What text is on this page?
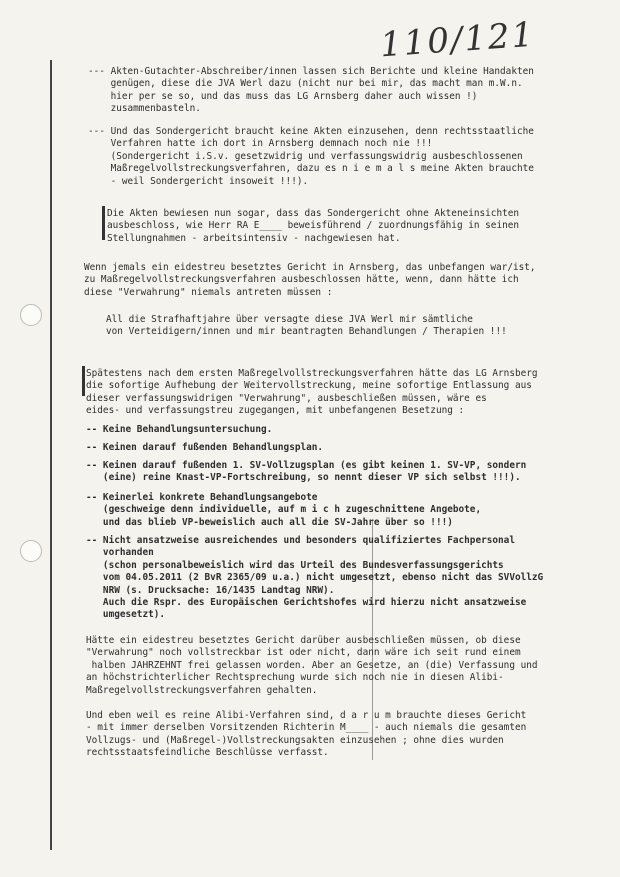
110/121
--- Akten-Gutachter-Abschreiber/innen lassen sich Berichte und kleine Handakten
genügen, diese die JVA Werl dazu (nicht nur bei mir, das macht man m.W.n.
hier per se so, und das muss das LG Arnsberg daher auch wissen !)
zusammenbasteln.
--- Und das Sondergericht braucht keine Akten einzusehen, denn rechtsstaatliche
Verfahren hatte ich dort in Arnsberg demnach noch nie !!!
(Sondergericht i.S.v. gesetzwidrig und verfassungswidrig ausbeschlossenen
Maßregelvollstreckungsverfahren, dazu es n i e m a l s meine Akten brauchte
- weil Sondergericht insoweit !!!).
Die Akten bewiesen nun sogar, dass das Sondergericht ohne Akteneinsichten
ausbeschloss, wie Herr RA E____ beweisführend / zuordnungsfähig in seinen
Stellungnahmen - arbeitsintensiv - nachgewiesen hat.
Wenn jemals ein eidestreu besetztes Gericht in Arnsberg, das unbefangen war/ist,
zu Maßregelvollstreckungsverfahren ausbeschlossen hätte, wenn, dann hätte ich
diese "Verwahrung" niemals antreten müssen :
All die Strafhaftjahre über versagte diese JVA Werl mir sämtliche
von Verteidigern/innen und mir beantragten Behandlungen / Therapien !!!
Spätestens nach dem ersten Maßregelvollstreckungsverfahren hätte das LG Arnsberg
die sofortige Aufhebung der Weitervollstreckung, meine sofortige Entlassung aus
dieser verfassungswidrigen "Verwahrung", ausbeschließen müssen, wäre es
eides- und verfassungstreu zugegangen, mit unbefangenen Besetzung :
-- Keine Behandlungsuntersuchung.
-- Keinen darauf fußenden Behandlungsplan.
-- Keinen darauf fußenden 1. SV-Vollzugsplan (es gibt keinen 1. SV-VP, sondern
(eine) reine Knast-VP-Fortschreibung, so nennt dieser VP sich selbst !!!).
-- Keinerlei konkrete Behandlungsangebote
(geschweige denn individuelle, auf m i c h zugeschnittene Angebote,
und das blieb VP-beweislich auch all die SV-Jahre über so !!!)
-- Nicht ansatzweise ausreichendes und besonders qualifiziertes Fachpersonal
vorhanden
(schon personalbeweislich wird das Urteil des Bundesverfassungsgerichts
vom 04.05.2011 (2 BvR 2365/09 u.a.) nicht umgesetzt, ebenso nicht das SVVollzG
NRW (s. Drucksache: 16/1435 Landtag NRW).
Auch die Rspr. des Europäischen Gerichtshofes wird hierzu nicht ansatzweise
umgesetzt).
Hätte ein eidestreu besetztes Gericht darüber ausbeschließen müssen, ob diese
"Verwahrung" noch vollstreckbar ist oder nicht, dann wäre ich seit rund einem
halben JAHRZEHNT frei gelassen worden. Aber an Gesetze, an (die) Verfassung und
an höchstrichterlicher Rechtsprechung wurde sich noch nie in diesen Alibi-
Maßregelvollstreckungsverfahren gehalten.
Und eben weil es reine Alibi-Verfahren sind, d a r u m brauchte dieses Gericht
- mit immer derselben Vorsitzenden Richterin M____ - auch niemals die gesamten
Vollzugs- und (Maßregel-)Vollstreckungsakten einzusehen ; ohne dies wurden
rechtsstaatsfeindliche Beschlüsse verfasst.
